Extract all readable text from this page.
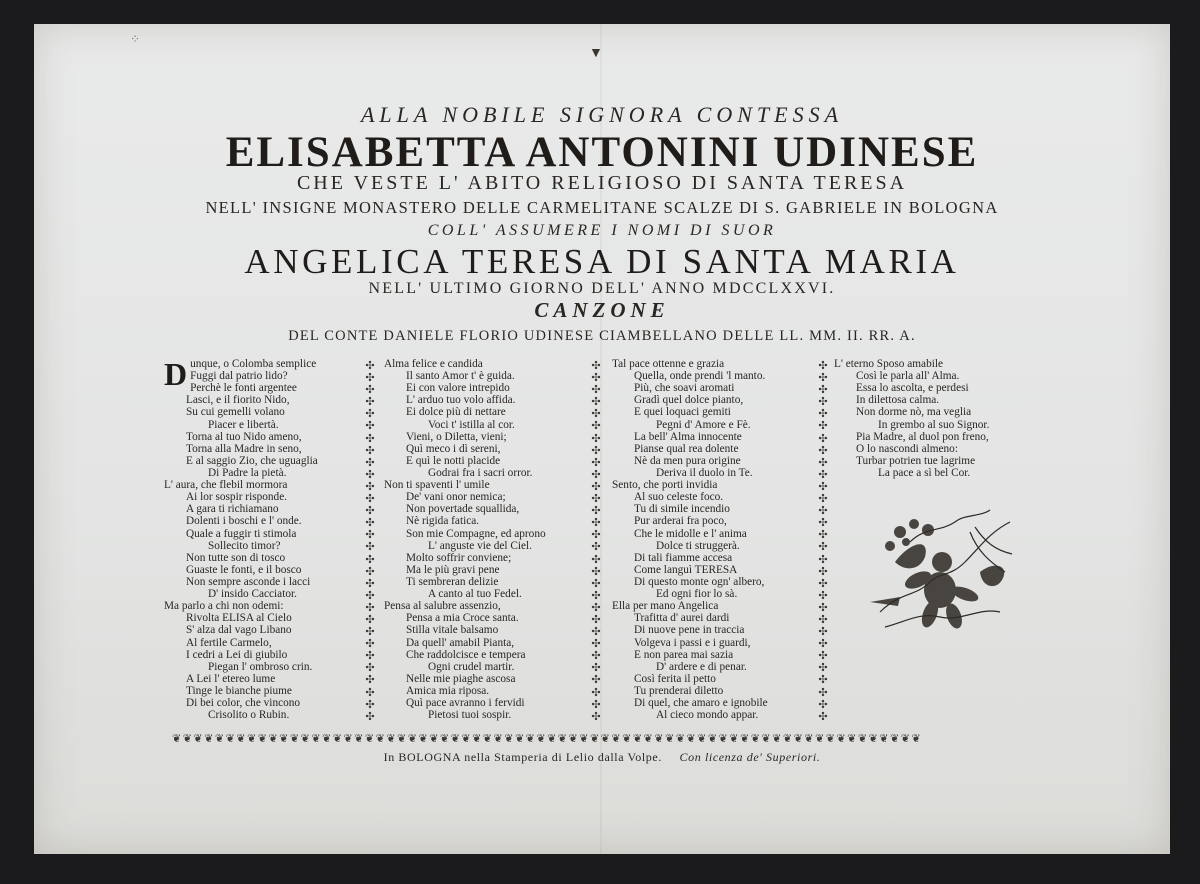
▼
⁘
ALLA NOBILE SIGNORA CONTESSA
ELISABETTA ANTONINI UDINESE
CHE VESTE L' ABITO RELIGIOSO DI SANTA TERESA
NELL' INSIGNE MONASTERO DELLE CARMELITANE SCALZE DI S. GABRIELE IN BOLOGNA
COLL' ASSUMERE I NOMI DI SUOR
ANGELICA TERESA DI SANTA MARIA
NELL' ULTIMO GIORNO DELL' ANNO MDCCLXXVI.
CANZONE
DEL CONTE DANIELE FLORIO UDINESE CIAMBELLANO DELLE LL. MM. II. RR. A.
D unque, o Colomba semplice
Fuggi dal patrio lido?
Perchè le fonti argentee
Lasci, e il fiorito Nido,
Su cui gemelli volano
Piacer e libertà.
Torna al tuo Nido ameno,
Torna alla Madre in seno,
E al saggio Zio, che uguaglia
Di Padre la pietà.
L' aura, che flebil mormora
Ai lor sospir risponde.
A gara ti richiamano
Dolenti i boschi e l' onde.
Quale a fuggir ti stimola
Sollecito timor?
Non tutte son di tosco
Guaste le fonti, e il bosco
Non sempre asconde i lacci
D' insido Cacciator.
Ma parlo a chi non odemi:
Rivolta ELISA al Cielo
S' alza dal vago Libano
Al fertile Carmelo,
I cedri a Lei di giubilo
Piegan l' ombroso crin.
A Lei l' etereo lume
Tinge le bianche piume
Di bei color, che vincono
Crisolito o Rubin.
✣
✣
✣
✣
✣
✣
✣
✣
✣
✣
✣
✣
✣
✣
✣
✣
✣
✣
✣
✣
✣
✣
✣
✣
✣
✣
✣
✣
✣
✣
Alma felice e candida
Il santo Amor t' è guida.
Ei con valore intrepido
L' arduo tuo volo affida.
Ei dolce più di nettare
Voci t' istilla al cor.
Vieni, o Diletta, vieni;
Quì meco i dì sereni,
E quì le notti placide
Godrai fra i sacri orror.
Non ti spaventi l' umile
De' vani onor nemica;
Non povertade squallida,
Nè rigida fatica.
Son mie Compagne, ed aprono
L' anguste vie del Ciel.
Molto soffrir conviene;
Ma le più gravi pene
Ti sembreran delizie
A canto al tuo Fedel.
Pensa al salubre assenzio,
Pensa a mia Croce santa.
Stilla vitale balsamo
Da quell' amabil Pianta,
Che raddolcisce e tempera
Ogni crudel martir.
Nelle mie piaghe ascosa
Amica mia riposa.
Quì pace avranno i fervidi
Pietosi tuoi sospir.
✣
✣
✣
✣
✣
✣
✣
✣
✣
✣
✣
✣
✣
✣
✣
✣
✣
✣
✣
✣
✣
✣
✣
✣
✣
✣
✣
✣
✣
✣
Tal pace ottenne e grazia
Quella, onde prendi 'l manto.
Più, che soavi aromati
Gradì quel dolce pianto,
E quei loquaci gemiti
Pegni d' Amore e Fè.
La bell' Alma innocente
Pianse qual rea dolente
Nè da men pura origine
Deriva il duolo in Te.
Sento, che porti invidia
Al suo celeste foco.
Tu di simile incendio
Pur arderai fra poco,
Che le midolle e l' anima
Dolce ti struggerà.
Di tali fiamme accesa
Come languì TERESA
Di questo monte ogn' albero,
Ed ogni fior lo sà.
Ella per mano Angelica
Trafitta d' aurei dardi
Di nuove pene in traccia
Volgeva i passi e i guardi,
E non parea mai sazia
D' ardere e di penar.
Così ferita il petto
Tu prenderai diletto
Di quel, che amaro e ignobile
Al cieco mondo appar.
✣
✣
✣
✣
✣
✣
✣
✣
✣
✣
✣
✣
✣
✣
✣
✣
✣
✣
✣
✣
✣
✣
✣
✣
✣
✣
✣
✣
✣
✣
L' eterno Sposo amabile
Così le parla all' Alma.
Essa lo ascolta, e perdesi
In dilettosa calma.
Non dorme nò, ma veglia
In grembo al suo Signor.
Pia Madre, al duol pon freno,
O lo nascondi almeno:
Turbar potrien tue lagrime
La pace a sì bel Cor.
❦❦❦❦❦❦❦❦❦❦❦❦❦❦❦❦❦❦❦❦❦❦❦❦❦❦❦❦❦❦❦❦❦❦❦❦❦❦❦❦❦❦❦❦❦❦❦❦❦❦❦❦❦❦❦❦❦❦❦❦❦❦❦❦❦❦❦❦❦❦
In BOLOGNA nella Stamperia di Lelio dalla Volpe. Con licenza de' Superiori.
